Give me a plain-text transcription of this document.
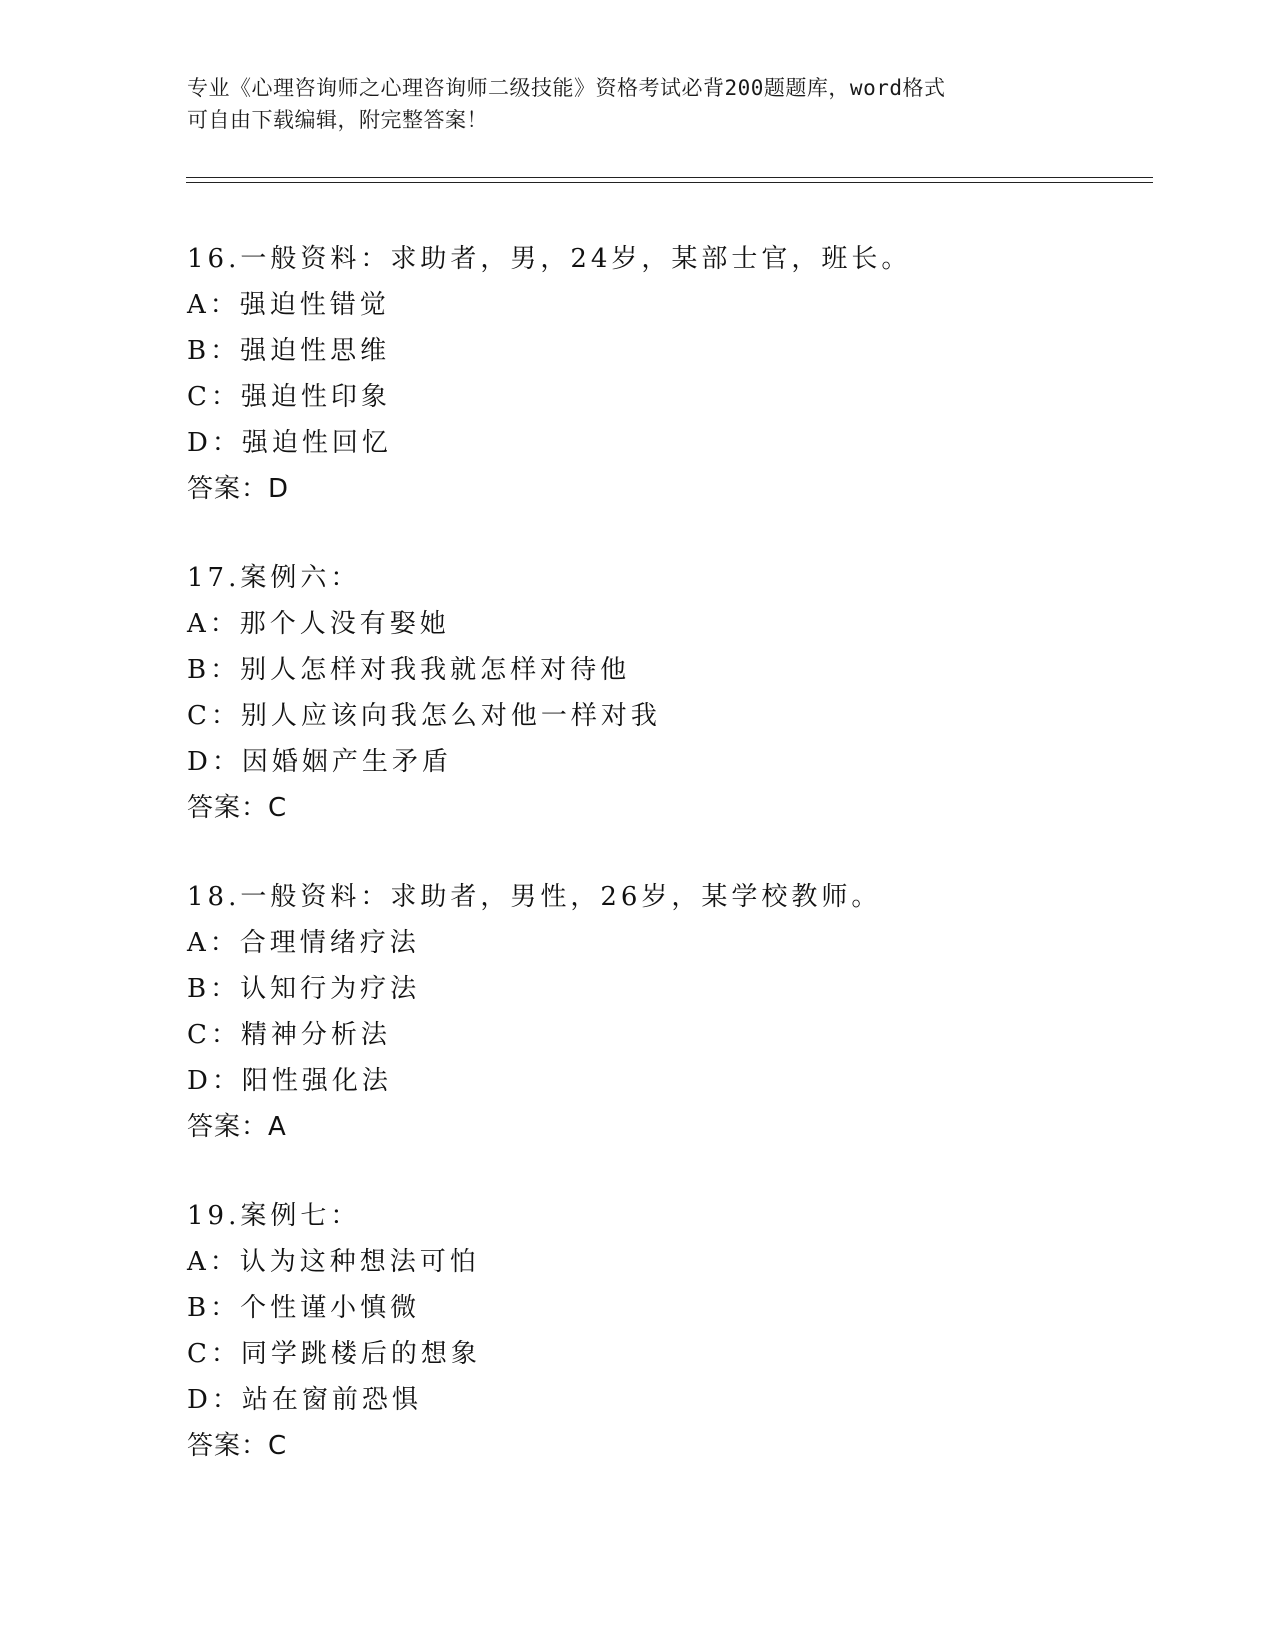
专业《心理咨询师之心理咨询师二级技能》资格考试必背200题题库，word格式
可自由下载编辑，附完整答案！
16.一般资料：求助者，男，24岁，某部士官，班长。
A：强迫性错觉
B：强迫性思维
C：强迫性印象
D：强迫性回忆
答案：D
17.案例六：
A：那个人没有娶她
B：别人怎样对我我就怎样对待他
C：别人应该向我怎么对他一样对我
D：因婚姻产生矛盾
答案：C
18.一般资料：求助者，男性，26岁，某学校教师。
A：合理情绪疗法
B：认知行为疗法
C：精神分析法
D：阳性强化法
答案：A
19.案例七：
A：认为这种想法可怕
B：个性谨小慎微
C：同学跳楼后的想象
D：站在窗前恐惧
答案：C
